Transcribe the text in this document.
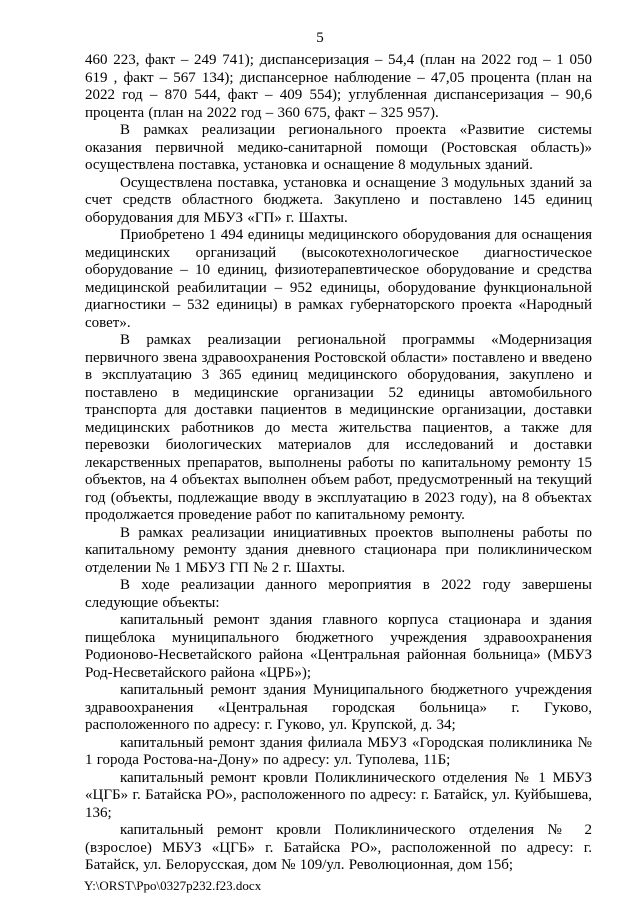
5

460 223, факт – 249 741); диспансеризация – 54,4 (план на 2022 год – 1 050 619 , факт – 567 134); диспансерное наблюдение – 47,05 процента (план на 2022 год – 870 544, факт – 409 554); углубленная диспансеризация – 90,6 процента (план на 2022 год – 360 675, факт – 325 957).

В рамках реализации регионального проекта «Развитие системы оказания первичной медико-санитарной помощи (Ростовская область)» осуществлена поставка, установка и оснащение 8 модульных зданий.

Осуществлена поставка, установка и оснащение 3 модульных зданий за счет средств областного бюджета. Закуплено и поставлено 145 единиц оборудования для МБУЗ «ГП» г. Шахты.

Приобретено 1 494 единицы медицинского оборудования для оснащения медицинских организаций (высокотехнологическое диагностическое оборудование – 10 единиц, физиотерапевтическое оборудование и средства медицинской реабилитации – 952 единицы, оборудование функциональной диагностики – 532 единицы) в рамках губернаторского проекта «Народный совет».

В рамках реализации региональной программы «Модернизация первичного звена здравоохранения Ростовской области» поставлено и введено в эксплуатацию 3 365 единиц медицинского оборудования, закуплено и поставлено в медицинские организации 52 единицы автомобильного транспорта для доставки пациентов в медицинские организации, доставки медицинских работников до места жительства пациентов, а также для перевозки биологических материалов для исследований и доставки лекарственных препаратов, выполнены работы по капитальному ремонту 15 объектов, на 4 объектах выполнен объем работ, предусмотренный на текущий год (объекты, подлежащие вводу в эксплуатацию в 2023 году), на 8 объектах продолжается проведение работ по капитальному ремонту.

В рамках реализации инициативных проектов выполнены работы по капитальному ремонту здания дневного стационара при поликлиническом отделении № 1 МБУЗ ГП № 2 г. Шахты.

В ходе реализации данного мероприятия в 2022 году завершены следующие объекты:

капитальный ремонт здания главного корпуса стационара и здания пищеблока муниципального бюджетного учреждения здравоохранения Родионово-Несветайского района «Центральная районная больница» (МБУЗ Род-Несветайского района «ЦРБ»);

капитальный ремонт здания Муниципального бюджетного учреждения здравоохранения «Центральная городская больница» г. Гуково, расположенного по адресу: г. Гуково, ул. Крупской, д. 34;

капитальный ремонт здания филиала МБУЗ «Городская поликлиника № 1 города Ростова-на-Дону» по адресу: ул. Туполева, 11Б;

капитальный ремонт кровли Поликлинического отделения № 1 МБУЗ «ЦГБ» г. Батайска РО», расположенного по адресу: г. Батайск, ул. Куйбышева, 136;

капитальный ремонт кровли Поликлинического отделения № 2 (взрослое) МБУЗ «ЦГБ» г. Батайска РО», расположенной по адресу: г. Батайск, ул. Белорусская, дом № 109/ул. Революционная, дом 15б;

Y:\ORST\Ppo\0327p232.f23.docx
